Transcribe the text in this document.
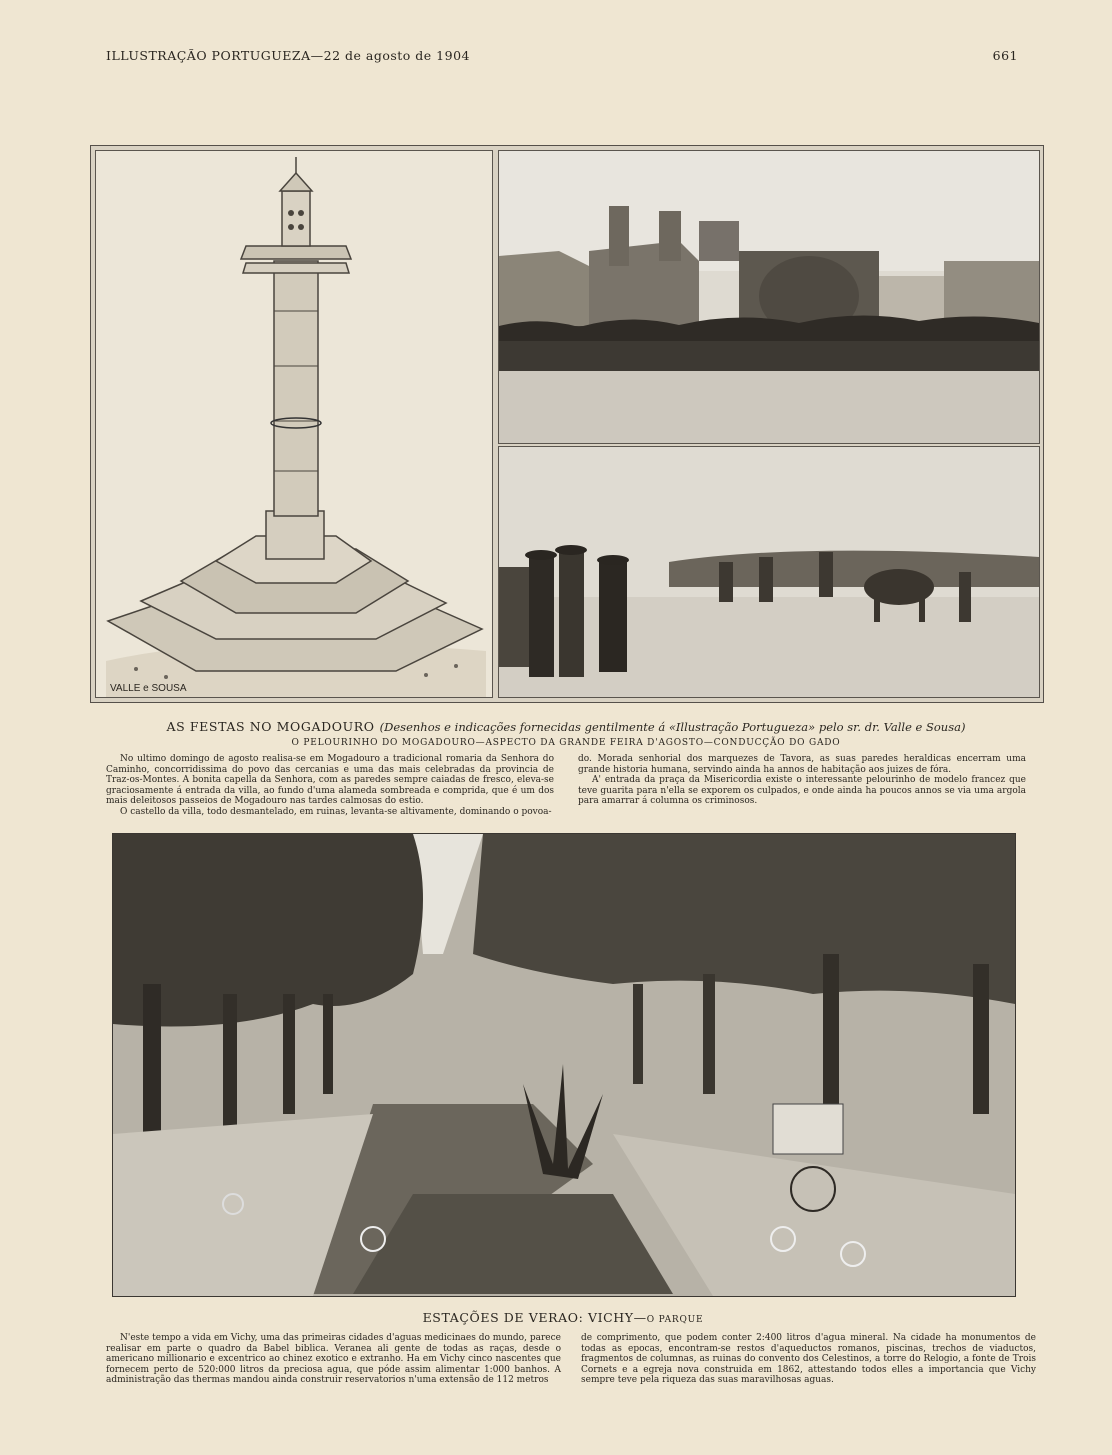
ILLUSTRAÇÃO PORTUGUEZA—22 de agosto de 1904	661
VALLE e SOUSA
AS FESTAS NO MOGADOURO (Desenhos e indicações fornecidas gentilmente á «Illustração Portugueza» pelo sr. dr. Valle e Sousa)
O PELOURINHO DO MOGADOURO—ASPECTO DA GRANDE FEIRA D'AGOSTO—CONDUCÇÃO DO GADO

No ultimo domingo de agosto realisa-se em Mogadouro a tradicional romaria da Senhora do Caminho, concorridissima do povo das cercanias e uma das mais celebradas da provincia de Traz-os-Montes. A bonita capella da Senhora, com as paredes sempre caiadas de fresco, eleva-se graciosamente á entrada da villa, ao fundo d'uma alameda sombreada e comprida, que é um dos mais deleitosos passeios de Mogadouro nas tardes calmosas do estio.

O castello da villa, todo desmantelado, em ruinas, levanta-se altivamente, dominando o povoa-

do. Morada senhorial dos marquezes de Tavora, as suas paredes heraldicas encerram uma grande historia humana, servindo ainda ha annos de habitação aos juizes de fóra.

A' entrada da praça da Misericordia existe o interessante pelourinho de modelo francez que teve guarita para n'ella se exporem os culpados, e onde ainda ha poucos annos se via uma argola para amarrar á columna os criminosos.

ESTAÇÕES DE VERAO: VICHY—O PARQUE

N'este tempo a vida em Vichy, uma das primeiras cidades d'aguas medicinaes do mundo, parece realisar em parte o quadro da Babel biblica. Veranea ali gente de todas as raças, desde o americano millionario e excentrico ao chinez exotico e extranho. Ha em Vichy cinco nascentes que fornecem perto de 520:000 litros da preciosa agua, que póde assim alimentar 1:000 banhos. A administração das thermas mandou ainda construir reservatorios n'uma extensão de 112 metros

de comprimento, que podem conter 2:400 litros d'agua mineral. Na cidade ha monumentos de todas as epocas, encontram-se restos d'aqueductos romanos, piscinas, trechos de viaductos, fragmentos de columnas, as ruinas do convento dos Celestinos, a torre do Relogio, a fonte de Trois Cornets e a egreja nova construida em 1862, attestando todos elles a importancia que Vichy sempre teve pela riqueza das suas maravilhosas aguas.
